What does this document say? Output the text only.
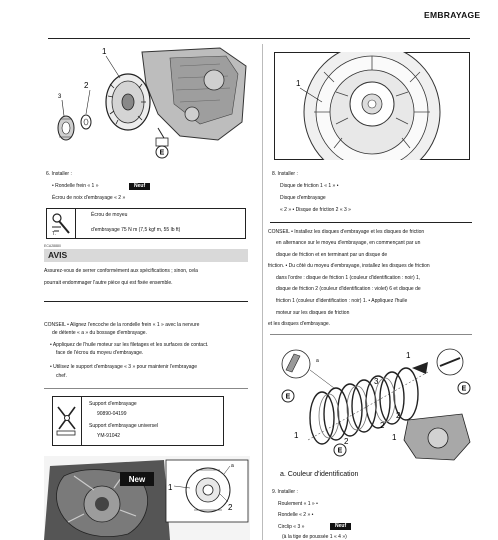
EMBRAYAGE
E
1
2
3
6. Installer :
• Rondelle frein « 1 »	Neuf
Écrou de noix d'embrayage « 2 »
T.
Écrou de moyeu
d'embrayage 75 N m (7,5 kgf m, 55 lb ft)
ECA28880
AVIS
Assurez-vous de serrer conformément aux spécifications ; sinon, cela
pourrait endommager l'autre pièce qui est fixée ensemble.
CONSEIL • Alignez l'encoche de la rondelle frein « 1 » avec la nervure
de détente « a » du bossage d'embrayage.
• Appliquez de l'huile moteur sur les filetages et les surfaces de contact.
face de l'écrou du moyeu d'embrayage.
• Utilisez le support d'embrayage « 3 » pour maintenir l'embrayage
chef.
Support d'embrayage
90890-04199
Support d'embrayage universel
YM-91042
New
1
2
a
1
8. Installer :
Disque de friction 1 « 1 » •
Disque d'embrayage
« 2 » • Disque de friction 2 « 3 »
CONSEIL • Installez les disques d'embrayage et les disques de friction
en alternance sur le moyeu d'embrayage, en commençant par un
disque de friction et en terminant par un disque de
friction. • Du côté du moyeu d'embrayage, installez les disques de friction
dans l'ordre : disque de friction 1 (couleur d'identification : noir) 1,
disque de friction 2 (couleur d'identification : violet) 6 et disque de
friction 1 (couleur d'identification : noir) 1. • Appliquez l'huile
moteur sur les disques de friction
et les disques d'embrayage.
E
E
E
1
1	1
3
2
2
2
a
a. Couleur d'identification
9. Installer :
Roulement « 1 » •
Rondelle « 2 » •
Circlip « 3 »	Neuf
(à la tige de poussée 1 « 4 »)
